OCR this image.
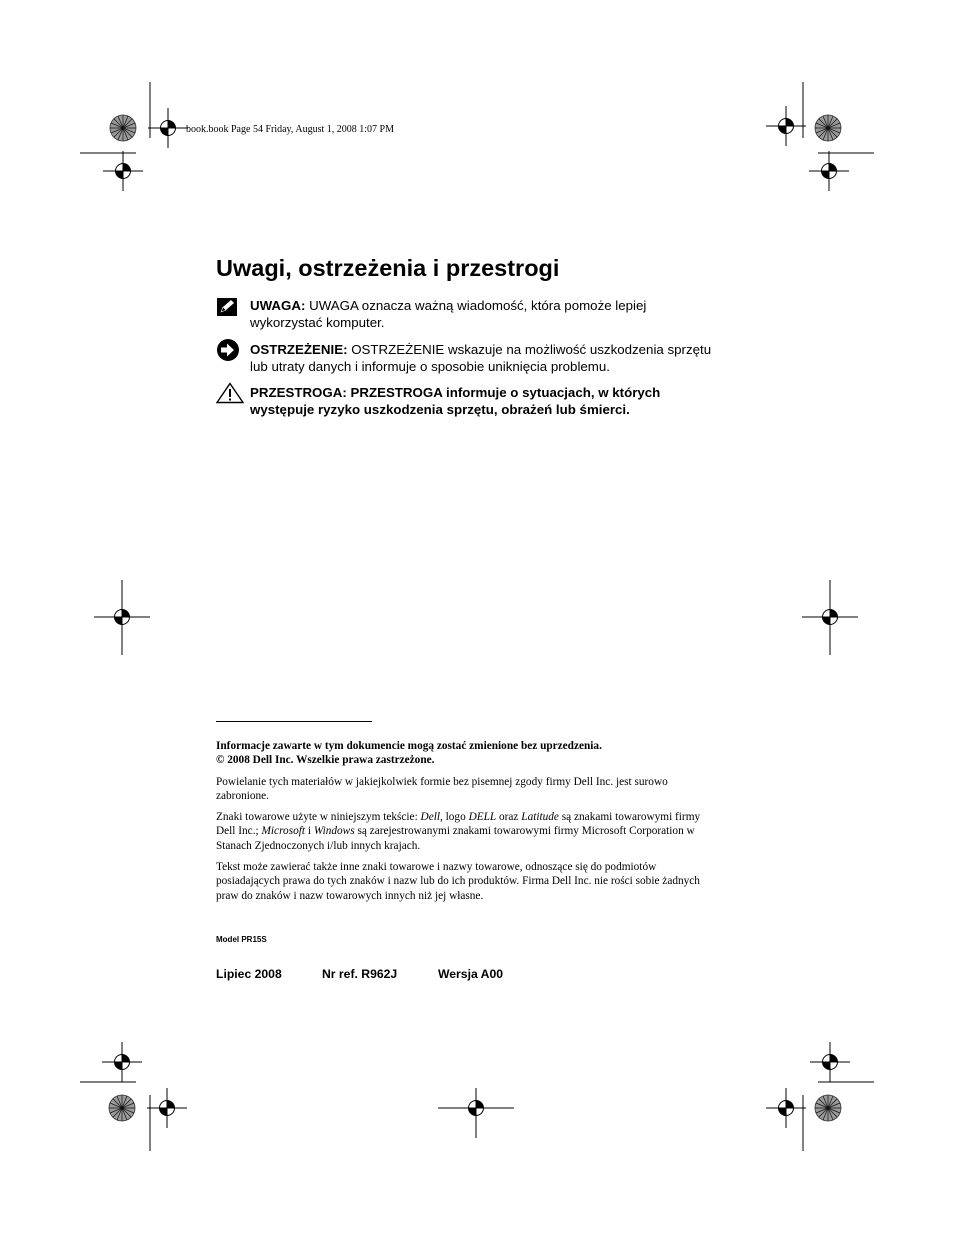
book.book Page 54 Friday, August 1, 2008 1:07 PM
Uwagi, ostrzeżenia i przestrogi
UWAGA: UWAGA oznacza ważną wiadomość, która pomoże lepiej wykorzystać komputer.
OSTRZEŻENIE: OSTRZEŻENIE wskazuje na możliwość uszkodzenia sprzętu lub utraty danych i informuje o sposobie uniknięcia problemu.
PRZESTROGA: PRZESTROGA informuje o sytuacjach, w których występuje ryzyko uszkodzenia sprzętu, obrażeń lub śmierci.
Informacje zawarte w tym dokumencie mogą zostać zmienione bez uprzedzenia.
© 2008 Dell Inc. Wszelkie prawa zastrzeżone.
Powielanie tych materiałów w jakiejkolwiek formie bez pisemnej zgody firmy Dell Inc. jest surowo zabronione.
Znaki towarowe użyte w niniejszym tekście: Dell, logo DELL oraz Latitude są znakami towarowymi firmy Dell Inc.; Microsoft i Windows są zarejestrowanymi znakami towarowymi firmy Microsoft Corporation w Stanach Zjednoczonych i/lub innych krajach.
Tekst może zawierać także inne znaki towarowe i nazwy towarowe, odnoszące się do podmiotów posiadających prawa do tych znaków i nazw lub do ich produktów. Firma Dell Inc. nie rości sobie żadnych praw do znaków i nazw towarowych innych niż jej własne.
Model PR15S
Lipiec 2008	Nr ref. R962J	Wersja A00
